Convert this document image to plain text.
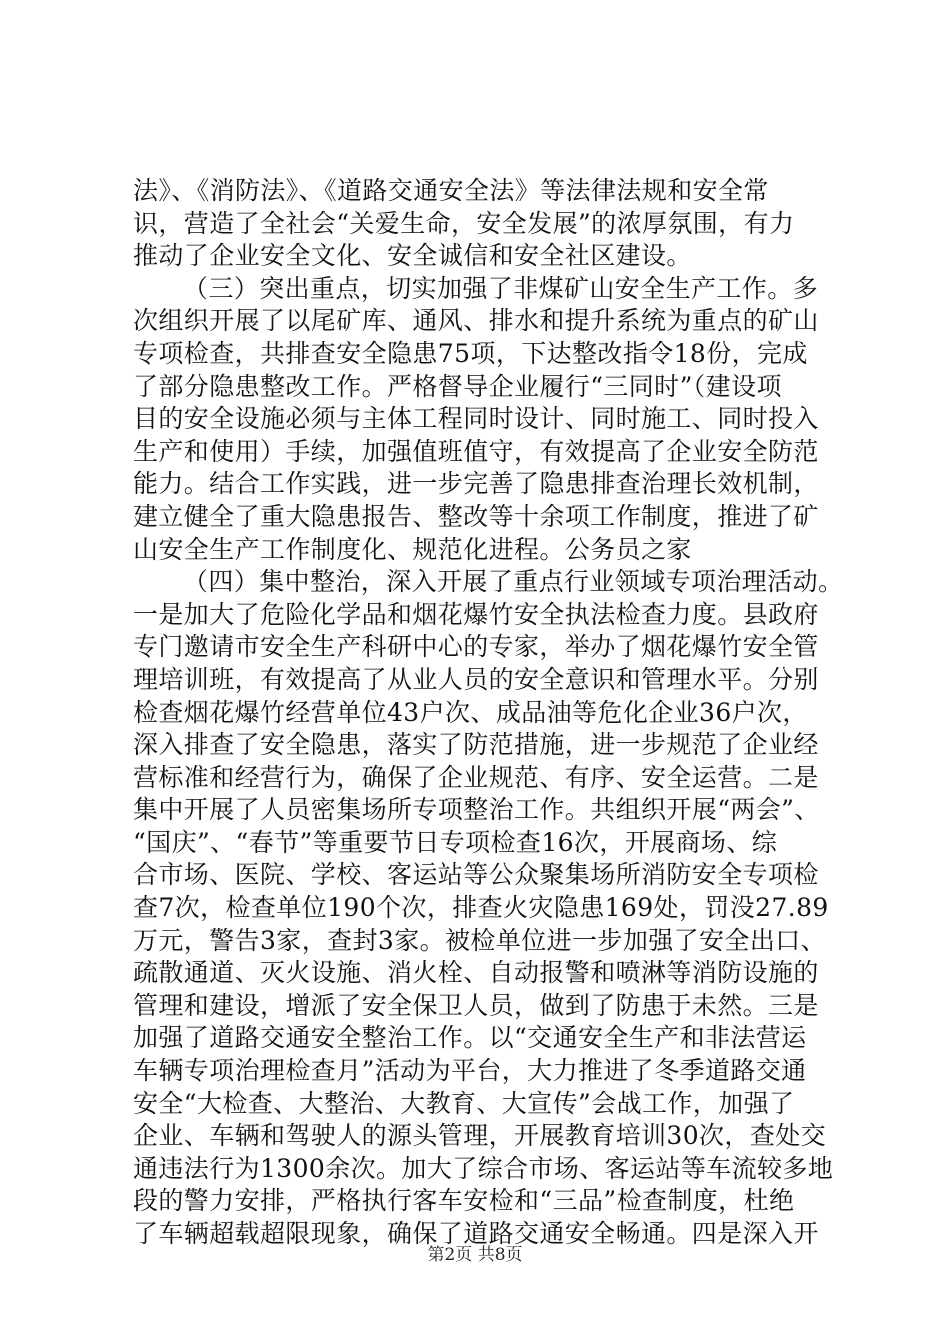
法》、《消防法》、《道路交通安全法》等法律法规和安全常
识，营造了全社会“关爱生命，安全发展”的浓厚氛围，有力
推动了企业安全文化、安全诚信和安全社区建设。
（三）突出重点，切实加强了非煤矿山安全生产工作。多
次组织开展了以尾矿库、通风、排水和提升系统为重点的矿山
专项检查，共排查安全隐患75项，下达整改指令18份，完成
了部分隐患整改工作。严格督导企业履行“三同时”（建设项
目的安全设施必须与主体工程同时设计、同时施工、同时投入
生产和使用）手续，加强值班值守，有效提高了企业安全防范
能力。结合工作实践，进一步完善了隐患排查治理长效机制，
建立健全了重大隐患报告、整改等十余项工作制度，推进了矿
山安全生产工作制度化、规范化进程。公务员之家
（四）集中整治，深入开展了重点行业领域专项治理活动。
一是加大了危险化学品和烟花爆竹安全执法检查力度。县政府
专门邀请市安全生产科研中心的专家，举办了烟花爆竹安全管
理培训班，有效提高了从业人员的安全意识和管理水平。分别
检查烟花爆竹经营单位43户次、成品油等危化企业36户次，
深入排查了安全隐患，落实了防范措施，进一步规范了企业经
营标准和经营行为，确保了企业规范、有序、安全运营。二是
集中开展了人员密集场所专项整治工作。共组织开展“两会”、
“国庆”、“春节”等重要节日专项检查16次，开展商场、综
合市场、医院、学校、客运站等公众聚集场所消防安全专项检
查7次，检查单位190个次，排查火灾隐患169处，罚没27.89
万元，警告3家，查封3家。被检单位进一步加强了安全出口、
疏散通道、灭火设施、消火栓、自动报警和喷淋等消防设施的
管理和建设，增派了安全保卫人员，做到了防患于未然。三是
加强了道路交通安全整治工作。以“交通安全生产和非法营运
车辆专项治理检查月”活动为平台，大力推进了冬季道路交通
安全“大检查、大整治、大教育、大宣传”会战工作，加强了
企业、车辆和驾驶人的源头管理，开展教育培训30次，查处交
通违法行为1300余次。加大了综合市场、客运站等车流较多地
段的警力安排，严格执行客车安检和“三品”检查制度，杜绝
了车辆超载超限现象，确保了道路交通安全畅通。四是深入开
第2页 共8页
